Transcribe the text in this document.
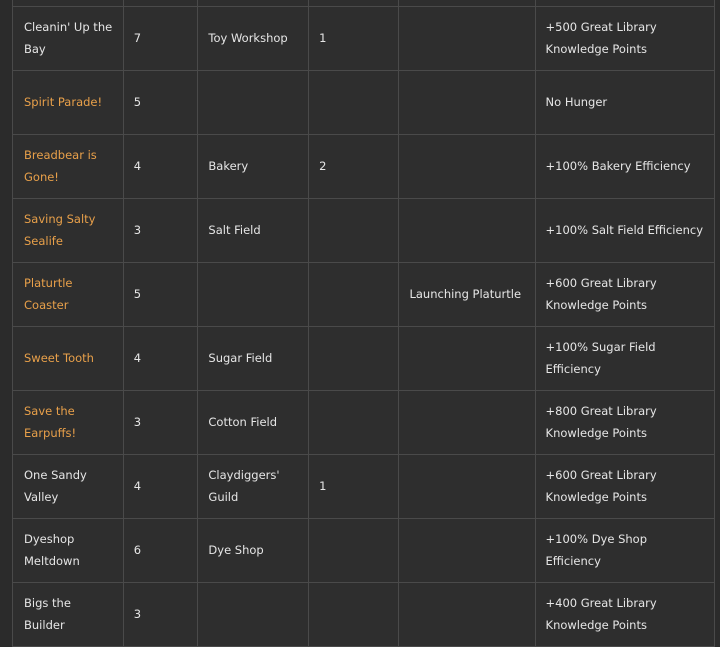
Cleanin' Up the Bay	7	Toy Workshop	1		+500 Great Library Knowledge Points
Spirit Parade!	5				No Hunger
Breadbear is Gone!	4	Bakery	2		+100% Bakery Efficiency
Saving Salty Sealife	3	Salt Field			+100% Salt Field Efficiency
Platurtle Coaster	5			Launching Platurtle	+600 Great Library Knowledge Points
Sweet Tooth	4	Sugar Field			+100% Sugar Field Efficiency
Save the Earpuffs!	3	Cotton Field			+800 Great Library Knowledge Points
One Sandy Valley	4	Claydiggers' Guild	1		+600 Great Library Knowledge Points
Dyeshop Meltdown	6	Dye Shop			+100% Dye Shop Efficiency
Bigs the Builder	3				+400 Great Library Knowledge Points
